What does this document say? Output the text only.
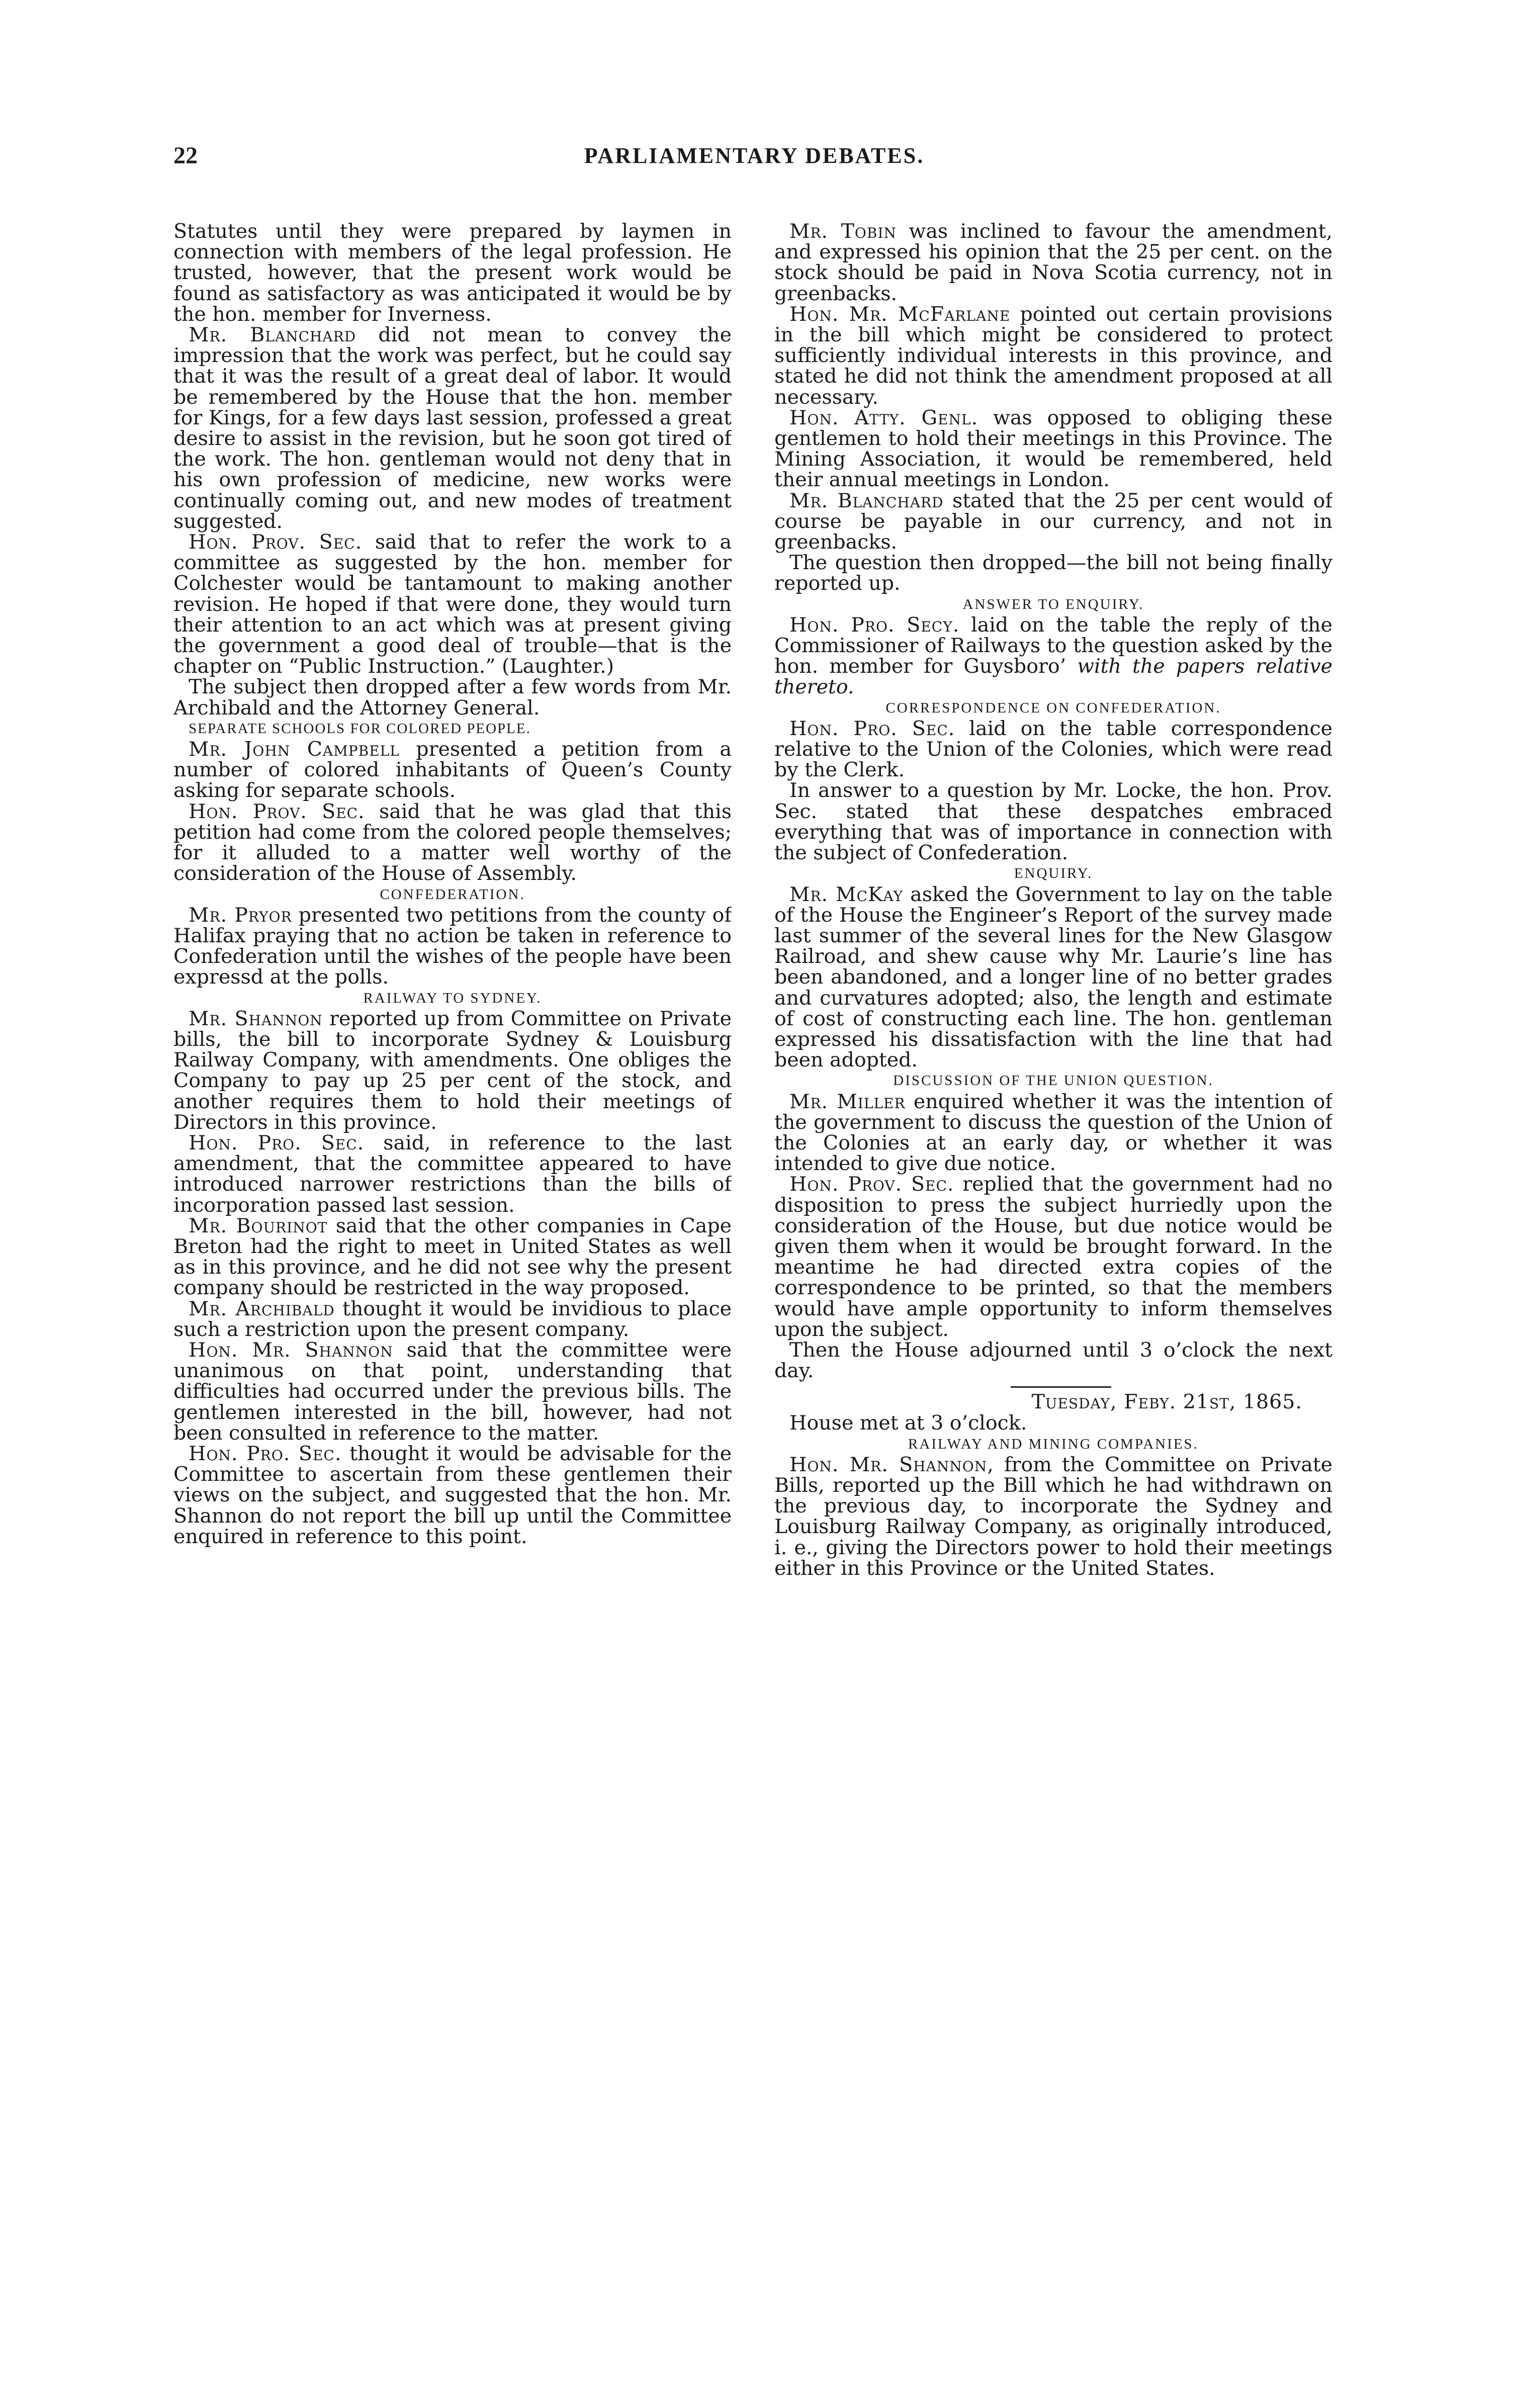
22	PARLIAMENTARY DEBATES.

Statutes until they were prepared by laymen in connection with members of the legal profession. He trusted, however, that the present work would be found as satisfactory as was anticipated it would be by the hon. member for Inverness.

Mr. Blanchard did not mean to convey the impression that the work was perfect, but he could say that it was the result of a great deal of labor. It would be remembered by the House that the hon. member for Kings, for a few days last session, professed a great desire to assist in the revision, but he soon got tired of the work. The hon. gentleman would not deny that in his own profession of medicine, new works were continually coming out, and new modes of treatment suggested.

Hon. Prov. Sec. said that to refer the work to a committee as suggested by the hon. member for Colchester would be tantamount to making another revision. He hoped if that were done, they would turn their attention to an act which was at present giving the government a good deal of trouble—that is the chapter on “Public Instruction.” (Laughter.)

The subject then dropped after a few words from Mr. Archibald and the Attorney General.

SEPARATE SCHOOLS FOR COLORED PEOPLE.

Mr. John Campbell presented a petition from a number of colored inhabitants of Queen’s County asking for separate schools.

Hon. Prov. Sec. said that he was glad that this petition had come from the colored people themselves; for it alluded to a matter well worthy of the consideration of the House of Assembly.

CONFEDERATION.

Mr. Pryor presented two petitions from the county of Halifax praying that no action be taken in reference to Confederation until the wishes of the people have been expressd at the polls.

RAILWAY TO SYDNEY.

Mr. Shannon reported up from Committee on Private bills, the bill to incorporate Sydney & Louisburg Railway Company, with amendments. One obliges the Company to pay up 25 per cent of the stock, and another requires them to hold their meetings of Directors in this province.

Hon. Pro. Sec. said, in reference to the last amendment, that the committee appeared to have introduced narrower restrictions than the bills of incorporation passed last session.

Mr. Bourinot said that the other companies in Cape Breton had the right to meet in United States as well as in this province, and he did not see why the present company should be restricted in the way proposed.

Mr. Archibald thought it would be invidious to place such a restriction upon the present company.

Hon. Mr. Shannon said that the committee were unanimous on that point, understanding that difficulties had occurred under the previous bills. The gentlemen interested in the bill, however, had not been consulted in reference to the matter.

Hon. Pro. Sec. thought it would be advisable for the Committee to ascertain from these gentlemen their views on the subject, and suggested that the hon. Mr. Shannon do not report the bill up until the Committee enquired in reference to this point.

Mr. Tobin was inclined to favour the amendment, and expressed his opinion that the 25 per cent. on the stock should be paid in Nova Scotia currency, not in greenbacks.

Hon. Mr. McFarlane pointed out certain provisions in the bill which might be considered to protect sufficiently individual interests in this province, and stated he did not think the amendment proposed at all necessary.

Hon. Atty. Genl. was opposed to obliging these gentlemen to hold their meetings in this Province. The Mining Association, it would be remembered, held their annual meetings in London.

Mr. Blanchard stated that the 25 per cent would of course be payable in our currency, and not in greenbacks.

The question then dropped—the bill not being finally reported up.

ANSWER TO ENQUIRY.

Hon. Pro. Secy. laid on the table the reply of the Commissioner of Railways to the question asked by the hon. member for Guysboro’ with the papers relative thereto.

CORRESPONDENCE ON CONFEDERATION.

Hon. Pro. Sec. laid on the table correspondence relative to the Union of the Colonies, which were read by the Clerk.

In answer to a question by Mr. Locke, the hon. Prov. Sec. stated that these despatches embraced everything that was of importance in connection with the subject of Confederation.

ENQUIRY.

Mr. McKay asked the Government to lay on the table of the House the Engineer’s Report of the survey made last summer of the several lines for the New Glasgow Railroad, and shew cause why Mr. Laurie’s line has been abandoned, and a longer line of no better grades and curvatures adopted; also, the length and estimate of cost of constructing each line. The hon. gentleman expressed his dissatisfaction with the line that had been adopted.

DISCUSSION OF THE UNION QUESTION.

Mr. Miller enquired whether it was the intention of the government to discuss the question of the Union of the Colonies at an early day, or whether it was intended to give due notice.

Hon. Prov. Sec. replied that the government had no disposition to press the subject hurriedly upon the consideration of the House, but due notice would be given them when it would be brought forward. In the meantime he had directed extra copies of the correspondence to be printed, so that the members would have ample opportunity to inform themselves upon the subject.

Then the House adjourned until 3 o’clock the next day.

Tuesday, Feby. 21st, 1865.

House met at 3 o’clock.

RAILWAY AND MINING COMPANIES.

Hon. Mr. Shannon, from the Committee on Private Bills, reported up the Bill which he had withdrawn on the previous day, to incorporate the Sydney and Louisburg Railway Company, as originally introduced, i. e., giving the Directors power to hold their meetings either in this Province or the United States.
